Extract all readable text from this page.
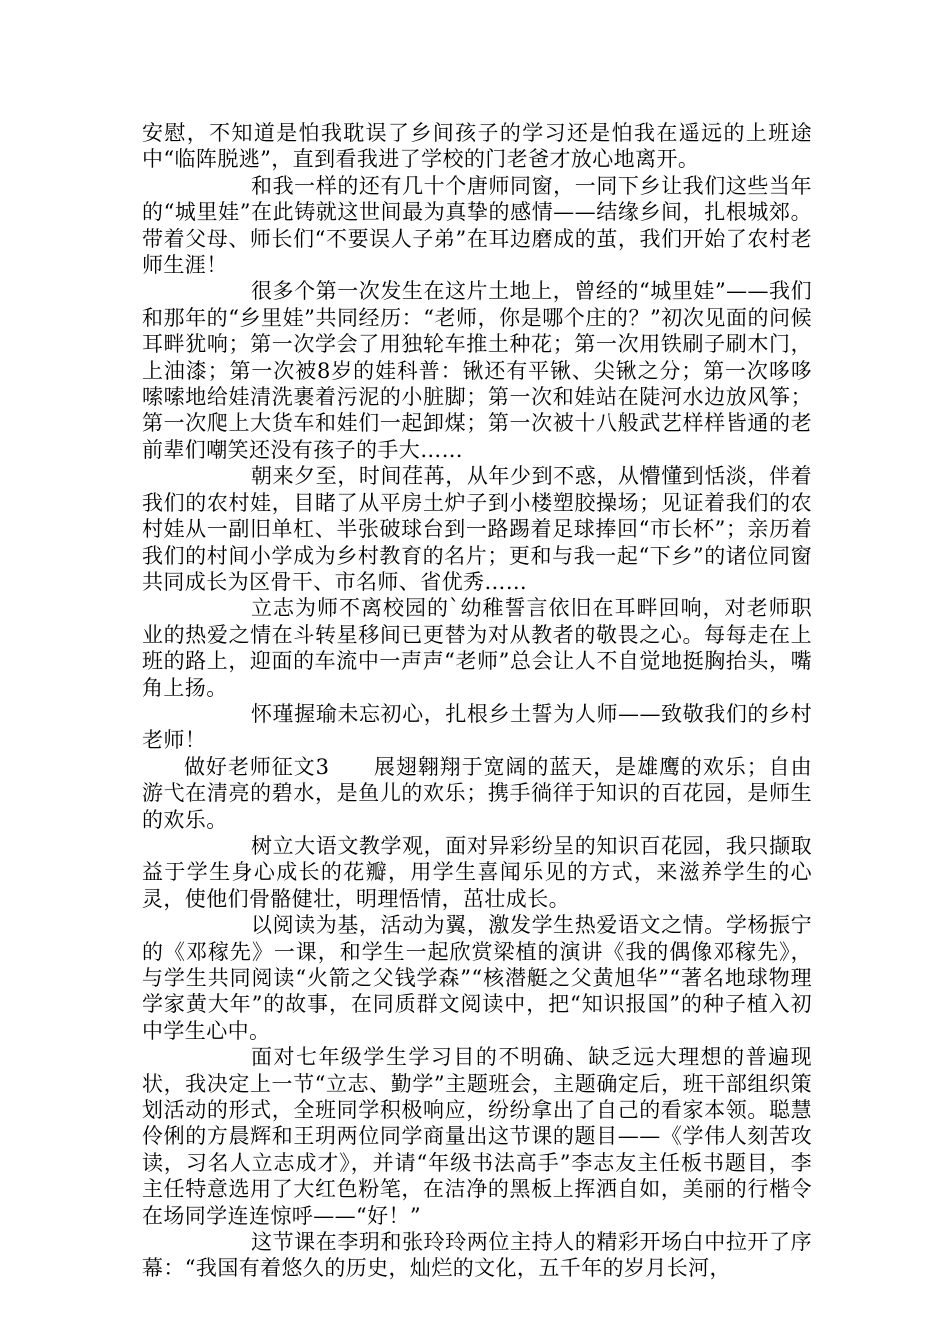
安慰，不知道是怕我耽误了乡间孩子的学习还是怕我在遥远的上班途中“临阵脱逃”，直到看我进了学校的门老爸才放心地离开。

和我一样的还有几十个唐师同窗，一同下乡让我们这些当年的“城里娃”在此铸就这世间最为真挚的感情——结缘乡间，扎根城郊。带着父母、师长们“不要误人子弟”在耳边磨成的茧，我们开始了农村老师生涯！

很多个第一次发生在这片土地上，曾经的“城里娃”——我们和那年的“乡里娃”共同经历：“老师，你是哪个庄的？”初次见面的问候耳畔犹响；第一次学会了用独轮车推土种花；第一次用铁刷子刷木门，上油漆；第一次被8岁的娃科普：锹还有平锹、尖锹之分；第一次哆哆嗦嗦地给娃清洗裹着污泥的小脏脚；第一次和娃站在陡河水边放风筝；第一次爬上大货车和娃们一起卸煤；第一次被十八般武艺样样皆通的老前辈们嘲笑还没有孩子的手大……

朝来夕至，时间荏苒，从年少到不惑，从懵懂到恬淡，伴着我们的农村娃，目睹了从平房土炉子到小楼塑胶操场；见证着我们的农村娃从一副旧单杠、半张破球台到一路踢着足球捧回“市长杯”；亲历着我们的村间小学成为乡村教育的名片；更和与我一起“下乡”的诸位同窗共同成长为区骨干、市名师、省优秀……

立志为师不离校园的`幼稚誓言依旧在耳畔回响，对老师职业的热爱之情在斗转星移间已更替为对从教者的敬畏之心。每每走在上班的路上，迎面的车流中一声声“老师”总会让人不自觉地挺胸抬头，嘴角上扬。

怀瑾握瑜未忘初心，扎根乡土誓为人师——致敬我们的乡村老师！

做好老师征文3 展翅翱翔于宽阔的蓝天，是雄鹰的欢乐；自由游弋在清亮的碧水，是鱼儿的欢乐；携手徜徉于知识的百花园，是师生的欢乐。

树立大语文教学观，面对异彩纷呈的知识百花园，我只撷取益于学生身心成长的花瓣，用学生喜闻乐见的方式，来滋养学生的心灵，使他们骨骼健壮，明理悟情，茁壮成长。

以阅读为基，活动为翼，激发学生热爱语文之情。学杨振宁的《邓稼先》一课，和学生一起欣赏梁植的演讲《我的偶像邓稼先》，与学生共同阅读“火箭之父钱学森”“核潜艇之父黄旭华”“著名地球物理学家黄大年”的故事，在同质群文阅读中，把“知识报国”的种子植入初中学生心中。

面对七年级学生学习目的不明确、缺乏远大理想的普遍现状，我决定上一节“立志、勤学”主题班会，主题确定后，班干部组织策划活动的形式，全班同学积极响应，纷纷拿出了自己的看家本领。聪慧伶俐的方晨辉和王玥两位同学商量出这节课的题目——《学伟人刻苦攻读，习名人立志成才》，并请“年级书法高手”李志友主任板书题目，李主任特意选用了大红色粉笔，在洁净的黑板上挥洒自如，美丽的行楷令在场同学连连惊呼——“好！”

这节课在李玥和张玲玲两位主持人的精彩开场白中拉开了序幕：“我国有着悠久的历史，灿烂的文化，五千年的岁月长河，
